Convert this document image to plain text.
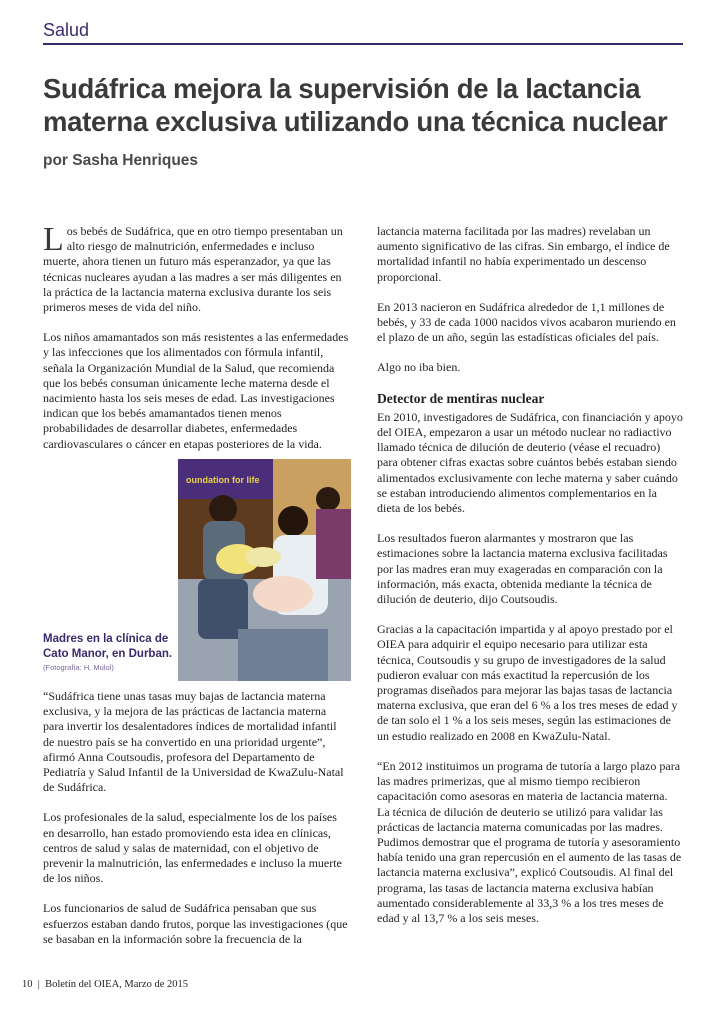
Salud
Sudáfrica mejora la supervisión de la lactancia materna exclusiva utilizando una técnica nuclear
por Sasha Henriques

Los bebés de Sudáfrica, que en otro tiempo presentaban un alto riesgo de malnutrición, enfermedades e incluso muerte, ahora tienen un futuro más esperanzador, ya que las técnicas nucleares ayudan a las madres a ser más diligentes en la práctica de la lactancia materna exclusiva durante los seis primeros meses de vida del niño.

Los niños amamantados son más resistentes a las enfermedades y las infecciones que los alimentados con fórmula infantil, señala la Organización Mundial de la Salud, que recomienda que los bebés consuman únicamente leche materna desde el nacimiento hasta los seis meses de edad. Las investigaciones indican que los bebés amamantados tienen menos probabilidades de desarrollar diabetes, enfermedades cardiovasculares o cáncer en etapas posteriores de la vida.

oundation for life
Madres en la clínica de Cato Manor, en Durban.
(Fotografía: H. Mulol)

“Sudáfrica tiene unas tasas muy bajas de lactancia materna exclusiva, y la mejora de las prácticas de lactancia materna para invertir los desalentadores índices de mortalidad infantil de nuestro país se ha convertido en una prioridad urgente”, afirmó Anna Coutsoudis, profesora del Departamento de Pediatría y Salud Infantil de la Universidad de KwaZulu-Natal de Sudáfrica.

Los profesionales de la salud, especialmente los de los países en desarrollo, han estado promoviendo esta idea en clínicas, centros de salud y salas de maternidad, con el objetivo de prevenir la malnutrición, las enfermedades e incluso la muerte de los niños.

Los funcionarios de salud de Sudáfrica pensaban que sus esfuerzos estaban dando frutos, porque las investigaciones (que se basaban en la información sobre la frecuencia de la

lactancia materna facilitada por las madres) revelaban un aumento significativo de las cifras. Sin embargo, el índice de mortalidad infantil no había experimentado un descenso proporcional.

En 2013 nacieron en Sudáfrica alrededor de 1,1 millones de bebés, y 33 de cada 1000 nacidos vivos acabaron muriendo en el plazo de un año, según las estadísticas oficiales del país.

Algo no iba bien.

Detector de mentiras nuclear

En 2010, investigadores de Sudáfrica, con financiación y apoyo del OIEA, empezaron a usar un método nuclear no radiactivo llamado técnica de dilución de deuterio (véase el recuadro) para obtener cifras exactas sobre cuántos bebés estaban siendo alimentados exclusivamente con leche materna y saber cuándo se estaban introduciendo alimentos complementarios en la dieta de los bebés.

Los resultados fueron alarmantes y mostraron que las estimaciones sobre la lactancia materna exclusiva facilitadas por las madres eran muy exageradas en comparación con la información, más exacta, obtenida mediante la técnica de dilución de deuterio, dijo Coutsoudis.

Gracias a la capacitación impartida y al apoyo prestado por el OIEA para adquirir el equipo necesario para utilizar esta técnica, Coutsoudis y su grupo de investigadores de la salud pudieron evaluar con más exactitud la repercusión de los programas diseñados para mejorar las bajas tasas de lactancia materna exclusiva, que eran del 6 % a los tres meses de edad y de tan solo el 1 % a los seis meses, según las estimaciones de un estudio realizado en 2008 en KwaZulu-Natal.

“En 2012 instituimos un programa de tutoría a largo plazo para las madres primerizas, que al mismo tiempo recibieron capacitación como asesoras en materia de lactancia materna. La técnica de dilución de deuterio se utilizó para validar las prácticas de lactancia materna comunicadas por las madres. Pudimos demostrar que el programa de tutoría y asesoramiento había tenido una gran repercusión en el aumento de las tasas de lactancia materna exclusiva”, explicó Coutsoudis. Al final del programa, las tasas de lactancia materna exclusiva habían aumentado considerablemente al 33,3 % a los tres meses de edad y al 13,7 % a los seis meses.

10  |  Boletín del OIEA, Marzo de 2015
